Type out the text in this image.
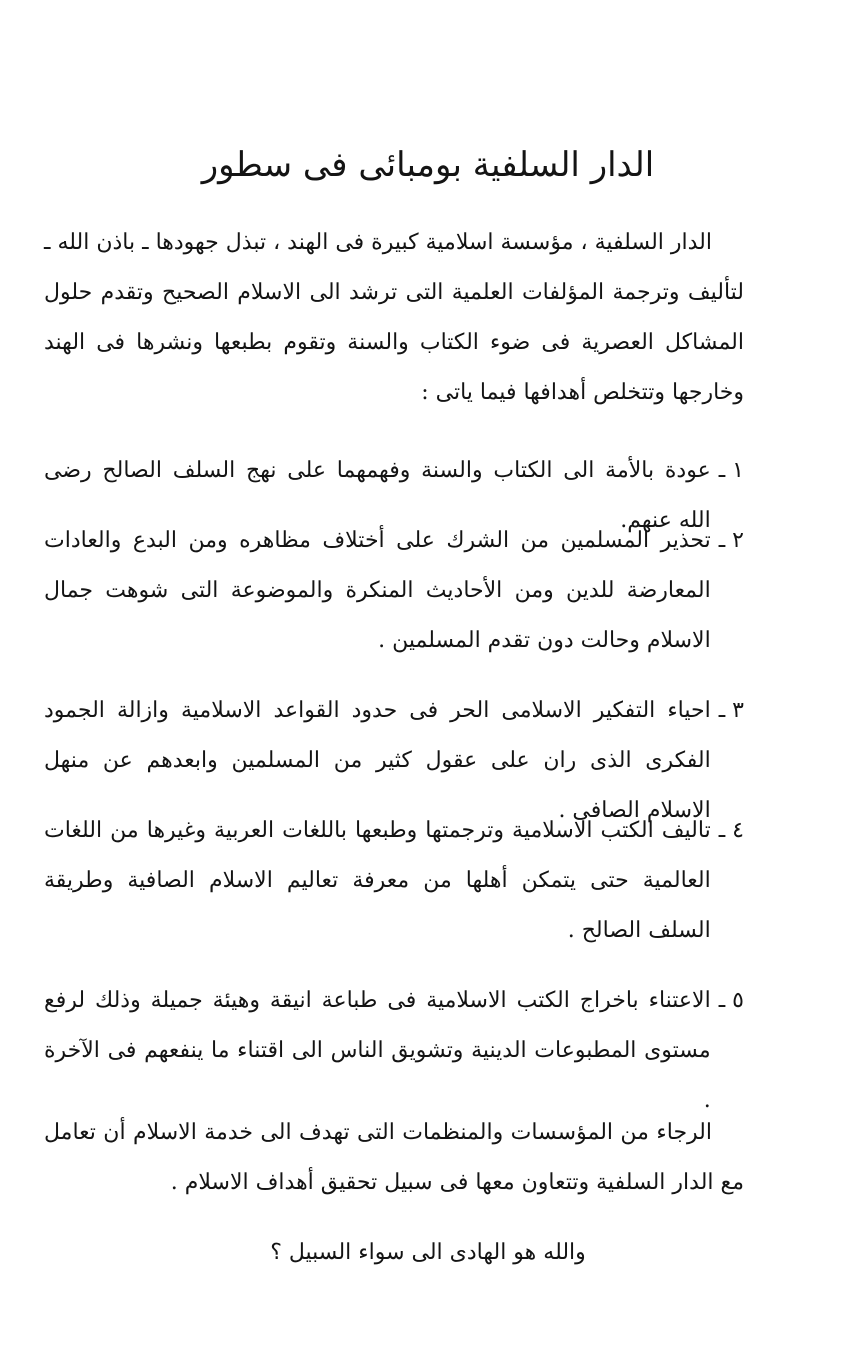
الدار السلفية بومبائى فى سطور

الدار السلفية ، مؤسسة اسلامية كبيرة فى الهند ، تبذل جهودها ـ باذن الله ـ لتأليف وترجمة المؤلفات العلمية التى ترشد الى الاسلام الصحيح وتقدم حلول المشاكل العصرية فى ضوء الكتاب والسنة وتقوم بطبعها ونشرها فى الهند وخارجها وتتخلص أهدافها فيما ياتى :

١ ـ
عودة بالأمة الى الكتاب والسنة وفهمهما على نهج السلف الصالح رضى الله عنهم.
٢ ـ
تحذير المسلمين من الشرك على أختلاف مظاهره ومن البدع والعادات المعارضة للدين ومن الأحاديث المنكرة والموضوعة التى شوهت جمال الاسلام وحالت دون تقدم المسلمين .
٣ ـ
احياء التفكير الاسلامى الحر فى حدود القواعد الاسلامية وازالة الجمود الفكرى الذى ران على عقول كثير من المسلمين وابعدهم عن منهل الاسلام الصافى .
٤ ـ
تاليف الكتب الاسلامية وترجمتها وطبعها باللغات العربية وغيرها من اللغات العالمية حتى يتمكن أهلها من معرفة تعاليم الاسلام الصافية وطريقة السلف الصالح .
٥ ـ
الاعتناء باخراج الكتب الاسلامية فى طباعة انيقة وهيئة جميلة وذلك لرفع مستوى المطبوعات الدينية وتشويق الناس الى اقتناء ما ينفعهم فى الآخرة .

الرجاء من المؤسسات والمنظمات التى تهدف الى خدمة الاسلام أن تعامل مع الدار السلفية وتتعاون معها فى سبيل تحقيق أهداف الاسلام .

والله هو الهادى الى سواء السبيل ؟
